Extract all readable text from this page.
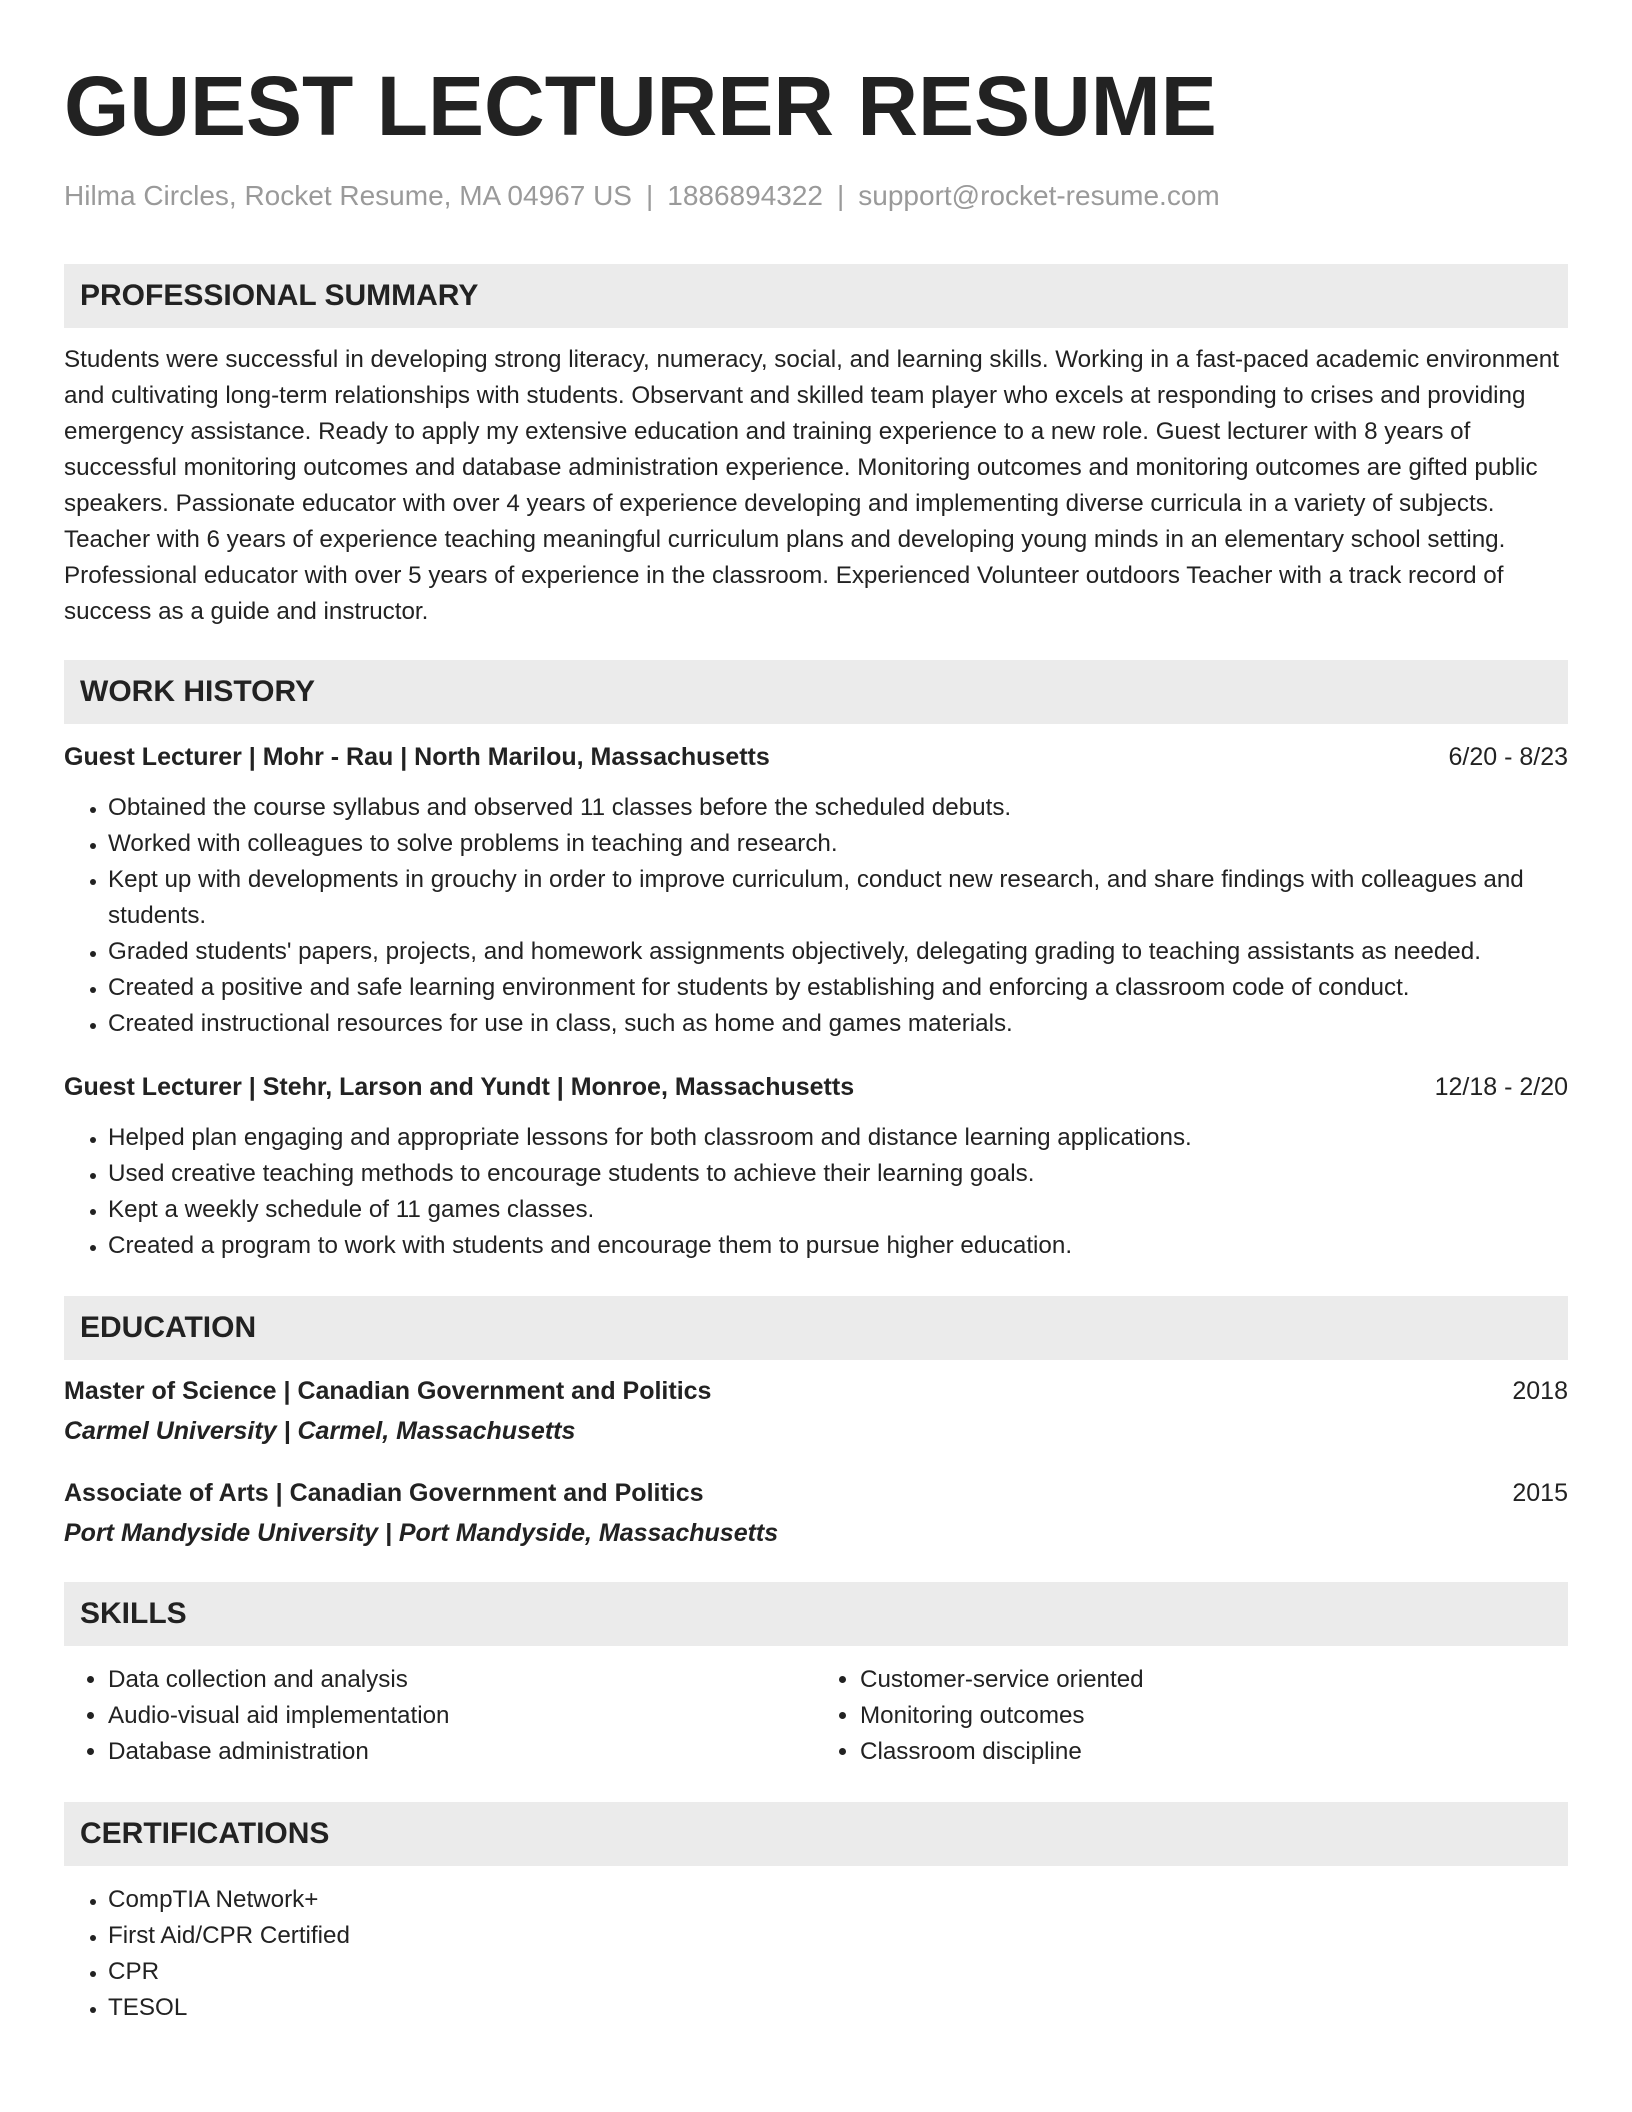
GUEST LECTURER RESUME
Hilma Circles, Rocket Resume, MA 04967 US | 1886894322 | support@rocket-resume.com
PROFESSIONAL SUMMARY
Students were successful in developing strong literacy, numeracy, social, and learning skills. Working in a fast-paced academic environment and cultivating long-term relationships with students. Observant and skilled team player who excels at responding to crises and providing emergency assistance. Ready to apply my extensive education and training experience to a new role. Guest lecturer with 8 years of successful monitoring outcomes and database administration experience. Monitoring outcomes and monitoring outcomes are gifted public speakers. Passionate educator with over 4 years of experience developing and implementing diverse curricula in a variety of subjects. Teacher with 6 years of experience teaching meaningful curriculum plans and developing young minds in an elementary school setting. Professional educator with over 5 years of experience in the classroom. Experienced Volunteer outdoors Teacher with a track record of success as a guide and instructor.
WORK HISTORY
Guest Lecturer | Mohr - Rau | North Marilou, Massachusetts	6/20 - 8/23
• Obtained the course syllabus and observed 11 classes before the scheduled debuts.
• Worked with colleagues to solve problems in teaching and research.
• Kept up with developments in grouchy in order to improve curriculum, conduct new research, and share findings with colleagues and students.
• Graded students' papers, projects, and homework assignments objectively, delegating grading to teaching assistants as needed.
• Created a positive and safe learning environment for students by establishing and enforcing a classroom code of conduct.
• Created instructional resources for use in class, such as home and games materials.
Guest Lecturer | Stehr, Larson and Yundt | Monroe, Massachusetts	12/18 - 2/20
• Helped plan engaging and appropriate lessons for both classroom and distance learning applications.
• Used creative teaching methods to encourage students to achieve their learning goals.
• Kept a weekly schedule of 11 games classes.
• Created a program to work with students and encourage them to pursue higher education.
EDUCATION
Master of Science | Canadian Government and Politics	2018
Carmel University | Carmel, Massachusetts
Associate of Arts | Canadian Government and Politics	2015
Port Mandyside University | Port Mandyside, Massachusetts
SKILLS
• Data collection and analysis
• Audio-visual aid implementation
• Database administration
• Customer-service oriented
• Monitoring outcomes
• Classroom discipline
CERTIFICATIONS
• CompTIA Network+
• First Aid/CPR Certified
• CPR
• TESOL
